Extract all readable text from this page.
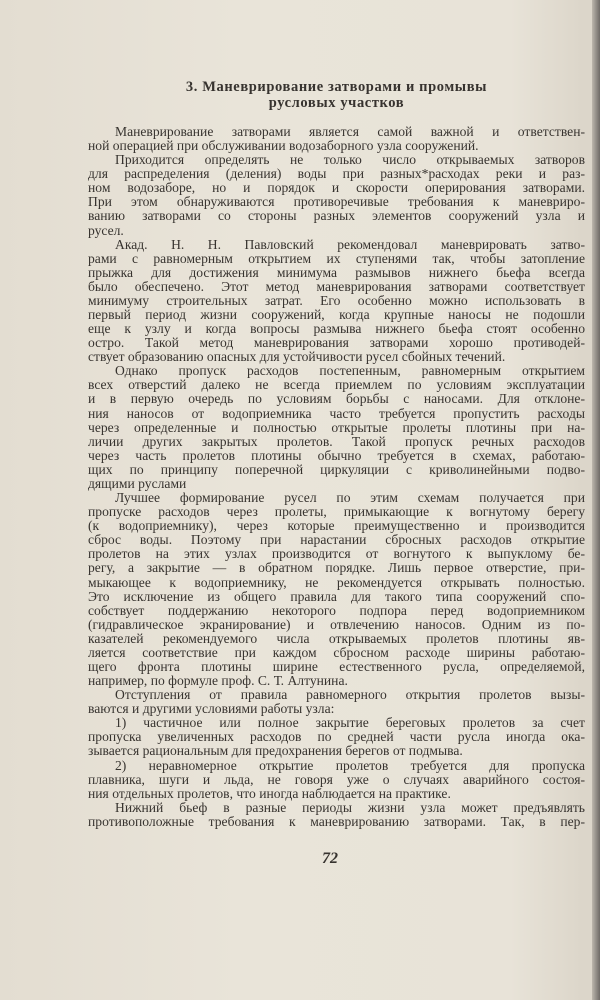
3. Маневрирование затворами и промывы
русловых участков
Маневрирование затворами является самой важной и ответствен-
ной операцией при обслуживании водозаборного узла сооружений.
Приходится определять не только число открываемых затворов
для распределения (деления) воды при разных*расходах реки и раз-
ном водозаборе, но и порядок и скорости оперирования затворами.
При этом обнаруживаются противоречивые требования к маневриро-
ванию затворами со стороны разных элементов сооружений узла и
русел.
Акад. Н. Н. Павловский рекомендовал маневрировать затво-
рами с равномерным открытием их ступенями так, чтобы затопление
прыжка для достижения минимума размывов нижнего бьефа всегда
было обеспечено. Этот метод маневрирования затворами соответствует
минимуму строительных затрат. Его особенно можно использовать в
первый период жизни сооружений, когда крупные наносы не подошли
еще к узлу и когда вопросы размыва нижнего бьефа стоят особенно
остро. Такой метод маневрирования затворами хорошо противодей-
ствует образованию опасных для устойчивости русел сбойных течений.
Однако пропуск расходов постепенным, равномерным открытием
всех отверстий далеко не всегда приемлем по условиям эксплуатации
и в первую очередь по условиям борьбы с наносами. Для отклоне-
ния наносов от водоприемника часто требуется пропустить расходы
через определенные и полностью открытые пролеты плотины при на-
личии других закрытых пролетов. Такой пропуск речных расходов
через часть пролетов плотины обычно требуется в схемах, работаю-
щих по принципу поперечной циркуляции с криволинейными подво-
дящими руслами
Лучшее формирование русел по этим схемам получается при
пропуске расходов через пролеты, примыкающие к вогнутому берегу
(к водоприемнику), через которые преимущественно и производится
сброс воды. Поэтому при нарастании сбросных расходов открытие
пролетов на этих узлах производится от вогнутого к выпуклому бе-
регу, а закрытие — в обратном порядке. Лишь первое отверстие, при-
мыкающее к водоприемнику, не рекомендуется открывать полностью.
Это исключение из общего правила для такого типа сооружений спо-
собствует поддержанию некоторого подпора перед водоприемником
(гидравлическое экранирование) и отвлечению наносов. Одним из по-
казателей рекомендуемого числа открываемых пролетов плотины яв-
ляется соответствие при каждом сбросном расходе ширины работаю-
щего фронта плотины ширине естественного русла, определяемой,
например, по формуле проф. С. Т. Алтунина.
Отступления от правила равномерного открытия пролетов вызы-
ваются и другими условиями работы узла:
1) частичное или полное закрытие береговых пролетов за счет
пропуска увеличенных расходов по средней части русла иногда ока-
зывается рациональным для предохранения берегов от подмыва.
2) неравномерное открытие пролетов требуется для пропуска
плавника, шуги и льда, не говоря уже о случаях аварийного состоя-
ния отдельных пролетов, что иногда наблюдается на практике.
Нижний бьеф в разные периоды жизни узла может предъявлять
противоположные требования к маневрированию затворами. Так, в пер-
72
